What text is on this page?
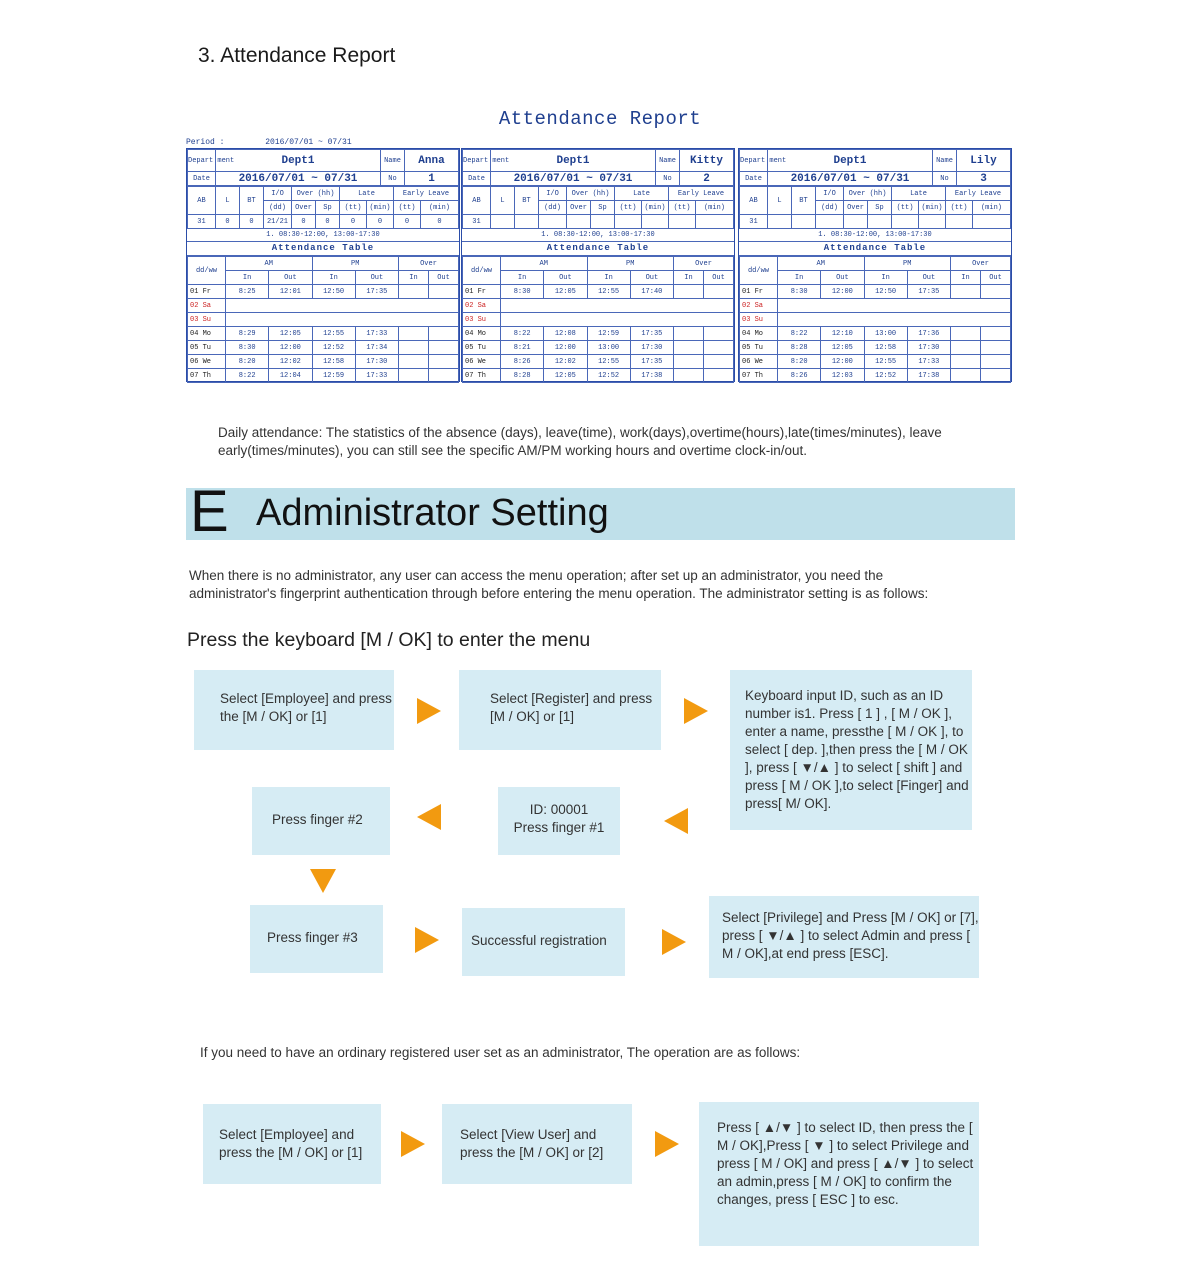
3. Attendance Report
Attendance Report
Period :	2016/07/01 ~ 07/31
Depart ment	Dept1	Name	Anna
Date	2016/07/01 ~ 07/31	No	1
AB	L	BT	I/O	Over (hh)		Late		Early Leave	
			(dd)	Over	Sp	(tt)	(min)	(tt)	(min)
31	0	0	21/21	0	0	0	0	0	0
1. 08:30-12:00, 13:00-17:30
Attendance Table
dd/ww	AM		PM		Over	
	In	Out	In	Out	In	Out
01 Fr	8:25	12:01	12:50	17:35		
02 Sa						
03 Su						
04 Mo	8:29	12:05	12:55	17:33		
05 Tu	8:30	12:00	12:52	17:34		
06 We	8:20	12:02	12:58	17:30		
07 Th	8:22	12:04	12:59	17:33		
Depart ment	Dept1	Name	Kitty
Date	2016/07/01 ~ 07/31	No	2
AB	L	BT	I/O	Over (hh)		Late		Early Leave	
			(dd)	Over	Sp	(tt)	(min)	(tt)	(min)
31									
1. 08:30-12:00, 13:00-17:30
Attendance Table
dd/ww	AM		PM		Over	
	In	Out	In	Out	In	Out
01 Fr	8:30	12:05	12:55	17:40		
02 Sa						
03 Su						
04 Mo	8:22	12:08	12:59	17:35		
05 Tu	8:21	12:00	13:00	17:30		
06 We	8:26	12:02	12:55	17:35		
07 Th	8:28	12:05	12:52	17:38		
Depart ment	Dept1	Name	Lily
Date	2016/07/01 ~ 07/31	No	3
AB	L	BT	I/O	Over (hh)		Late		Early Leave	
			(dd)	Over	Sp	(tt)	(min)	(tt)	(min)
31									
1. 08:30-12:00, 13:00-17:30
Attendance Table
dd/ww	AM		PM		Over	
	In	Out	In	Out	In	Out
01 Fr	8:30	12:00	12:50	17:35		
02 Sa						
03 Su						
04 Mo	8:22	12:10	13:00	17:36		
05 Tu	8:28	12:05	12:58	17:30		
06 We	8:20	12:00	12:55	17:33		
07 Th	8:26	12:03	12:52	17:38		
Daily attendance: The statistics of the absence (days), leave(time), work(days),overtime(hours),late(times/minutes), leave early(times/minutes), you can still see the specific AM/PM working hours and overtime clock-in/out.
E Administrator Setting
When there is no administrator, any user can access the menu operation; after set up an administrator, you need the administrator's fingerprint authentication through before entering the menu operation. The administrator setting is as follows:
Press the keyboard [M / OK] to enter the menu
Select [Employee] and press the [M / OK] or [1]
Select [Register] and press [M / OK] or [1]
Keyboard input ID, such as an ID number is1. Press [ 1 ] , [ M / OK ], enter a name, pressthe [ M / OK ], to select [ dep. ],then press the [ M / OK ], press [ ▼/▲ ] to select [ shift ] and press [ M / OK ],to select [Finger] and press[ M/ OK].
Press finger #2
ID: 00001
Press finger #1
Press finger #3	Successful registration
Select [Privilege] and Press [M / OK] or [7], press [ ▼/▲ ] to select Admin and press [ M / OK],at end press [ESC].
If you need to have an ordinary registered user set as an administrator, The operation are as follows:
Select [Employee] and press the [M / OK] or [1]
Select [View User] and press the [M / OK] or [2]
Press [ ▲/▼ ] to select ID, then press the [ M / OK],Press [ ▼ ] to select Privilege and press [ M / OK] and press [ ▲/▼ ] to select an admin,press [ M / OK] to confirm the changes, press [ ESC ] to esc.
